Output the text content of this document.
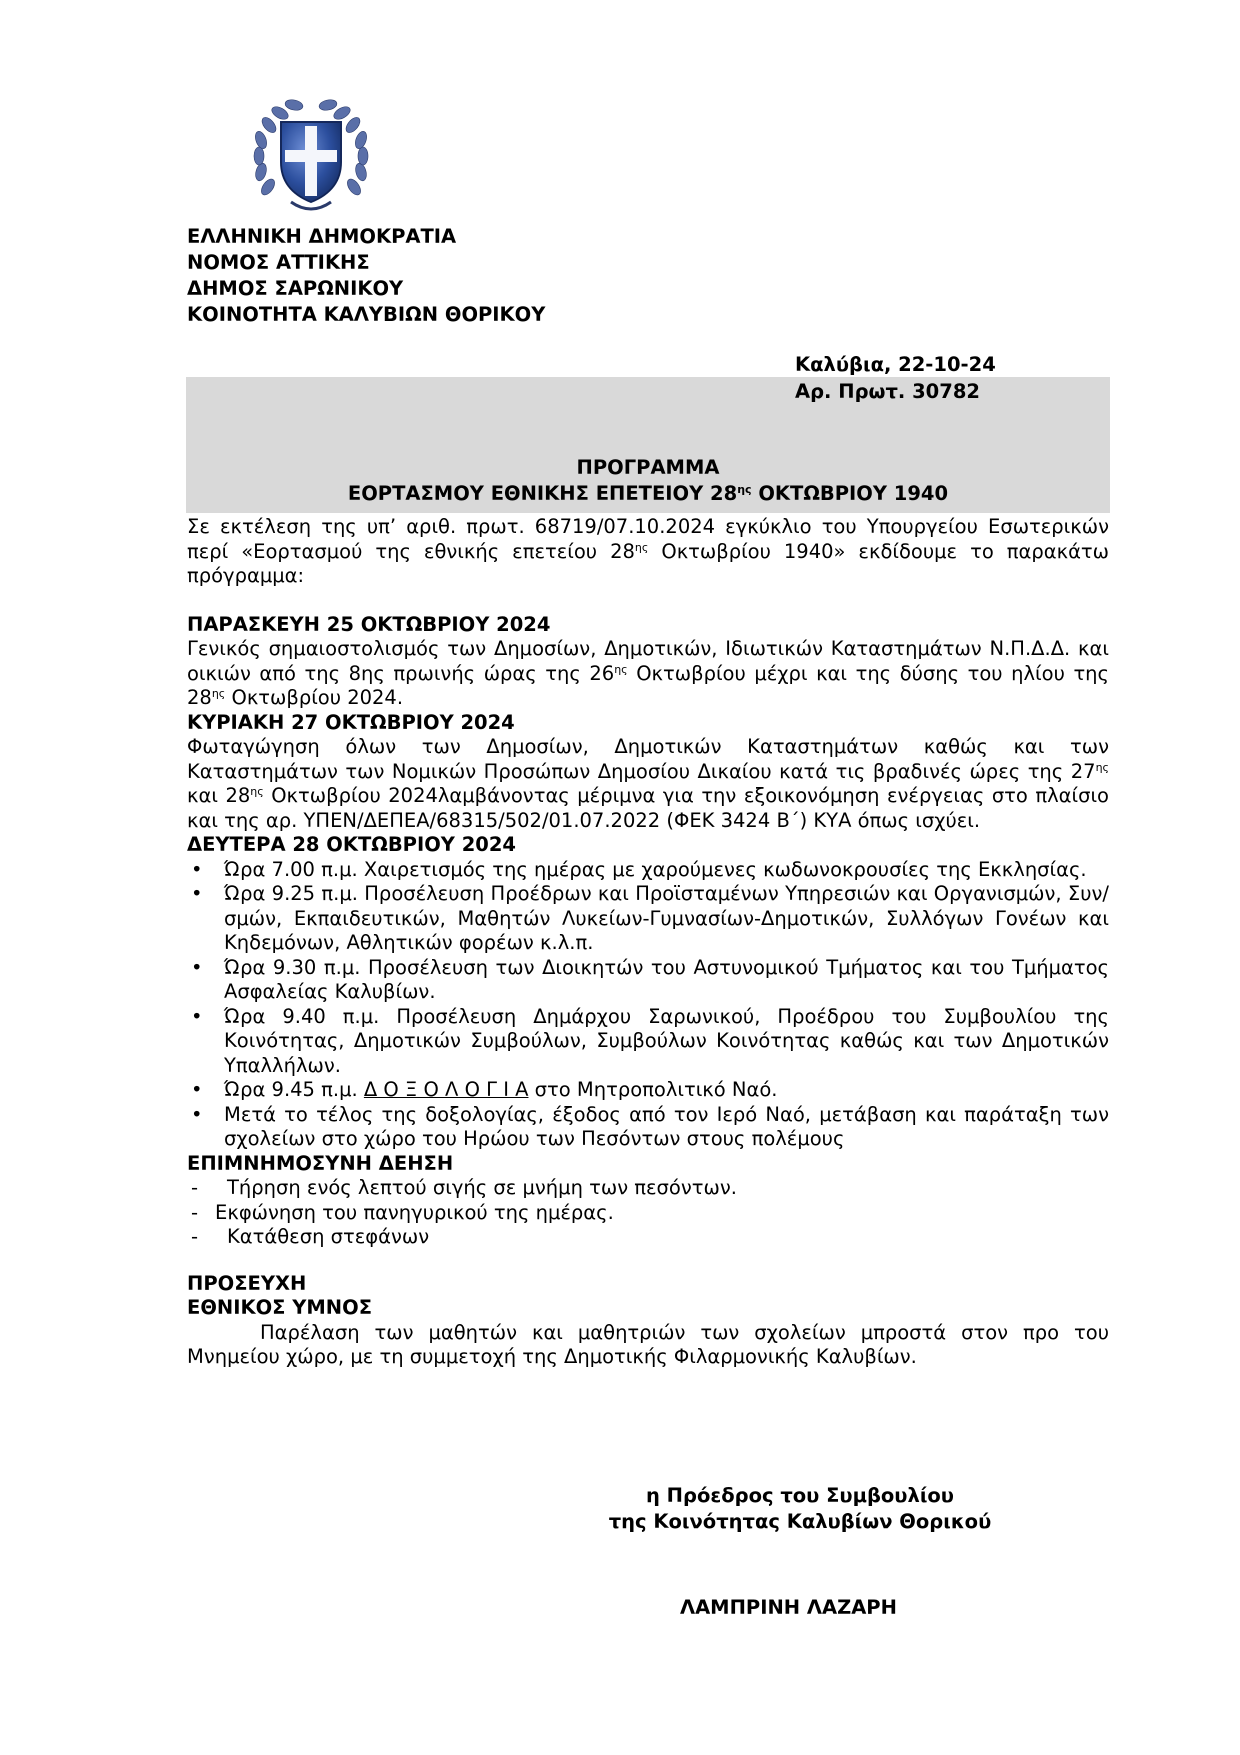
ΕΛΛΗΝΙΚΗ ΔΗΜΟΚΡΑΤΙΑ
ΝΟΜΟΣ ΑΤΤΙΚΗΣ
ΔΗΜΟΣ ΣΑΡΩΝΙΚΟΥ
ΚΟΙΝΟΤΗΤΑ ΚΑΛΥΒΙΩΝ ΘΟΡΙΚΟΥ
Καλύβια, 22-10-24
Αρ. Πρωτ. 30782
ΠΡΟΓΡΑΜΜΑ
ΕΟΡΤΑΣΜΟΥ ΕΘΝΙΚΗΣ ΕΠΕΤΕΙΟΥ $28^{\eta\varsigma}$ ΟΚΤΩΒΡΙΟΥ 1940
Σε εκτέλεση της υπ’ αριθ. πρωτ. 68719/07.10.2024 εγκύκλιο του Υπουργείου Εσωτερικών περί «Εορτασμού της εθνικής επετείου $28^{\eta\varsigma}$ Οκτωβρίου 1940» εκδίδουμε το παρακάτω πρόγραμμα:
ΠΑΡΑΣΚΕΥΗ 25 ΟΚΤΩΒΡΙΟΥ 2024
Γενικός σημαιοστολισμός των Δημοσίων, Δημοτικών, Ιδιωτικών Καταστημάτων Ν.Π.Δ.Δ. και οικιών από της 8ης πρωινής ώρας της $26^{\eta\varsigma}$ Οκτωβρίου μέχρι και της δύσης του ηλίου της $28^{\eta\varsigma}$ Οκτωβρίου 2024.
ΚΥΡΙΑΚΗ 27 ΟΚΤΩΒΡΙΟΥ 2024
Φωταγώγηση όλων των Δημοσίων, Δημοτικών Καταστημάτων καθώς και των Καταστημάτων των Νομικών Προσώπων Δημοσίου Δικαίου κατά τις βραδινές ώρες της $27^{\eta\varsigma}$ και $28^{\eta\varsigma}$ Οκτωβρίου 2024λαμβάνοντας μέριμνα για την εξοικονόμηση ενέργειας στο πλαίσιο και της αρ. ΥΠΕΝ/ΔΕΠΕΑ/68315/502/01.07.2022 (ΦΕΚ 3424 Β΄) ΚΥΑ όπως ισχύει.
ΔΕΥΤΕΡΑ 28 ΟΚΤΩΒΡΙΟΥ 2024
• Ώρα 7.00 π.μ. Χαιρετισμός της ημέρας με χαρούμενες κωδωνοκρουσίες της Εκκλησίας.
• Ώρα 9.25 π.μ. Προσέλευση Προέδρων και Προϊσταμένων Υπηρεσιών και Οργανισμών, Συν/σμών, Εκπαιδευτικών, Μαθητών Λυκείων-Γυμνασίων-Δημοτικών, Συλλόγων Γονέων και Κηδεμόνων, Αθλητικών φορέων κ.λ.π.
• Ώρα 9.30 π.μ. Προσέλευση των Διοικητών του Αστυνομικού Τμήματος και του Τμήματος Ασφαλείας Καλυβίων.
• Ώρα 9.40 π.μ. Προσέλευση Δημάρχου Σαρωνικού, Προέδρου του Συμβουλίου της Κοινότητας, Δημοτικών Συμβούλων, Συμβούλων Κοινότητας καθώς και των Δημοτικών Υπαλλήλων.
• Ώρα 9.45 π.μ. Δ Ο Ξ Ο Λ Ο Γ Ι Α στο Μητροπολιτικό Ναό.
• Μετά το τέλος της δοξολογίας, έξοδος από τον Ιερό Ναό, μετάβαση και παράταξη των σχολείων στο χώρο του Ηρώου των Πεσόντων στους πολέμους
ΕΠΙΜΝΗΜΟΣΥΝΗ ΔΕΗΣΗ
- Τήρηση ενός λεπτού σιγής σε μνήμη των πεσόντων.
- Εκφώνηση του πανηγυρικού της ημέρας.
- Κατάθεση στεφάνων
ΠΡΟΣΕΥΧΗ
ΕΘΝΙΚΟΣ ΥΜΝΟΣ
Παρέλαση των μαθητών και μαθητριών των σχολείων μπροστά στον προ του Μνημείου χώρο, με τη συμμετοχή της Δημοτικής Φιλαρμονικής Καλυβίων.
η Πρόεδρος του Συμβουλίου
της Κοινότητας Καλυβίων Θορικού
ΛΑΜΠΡΙΝΗ ΛΑΖΑΡΗ
